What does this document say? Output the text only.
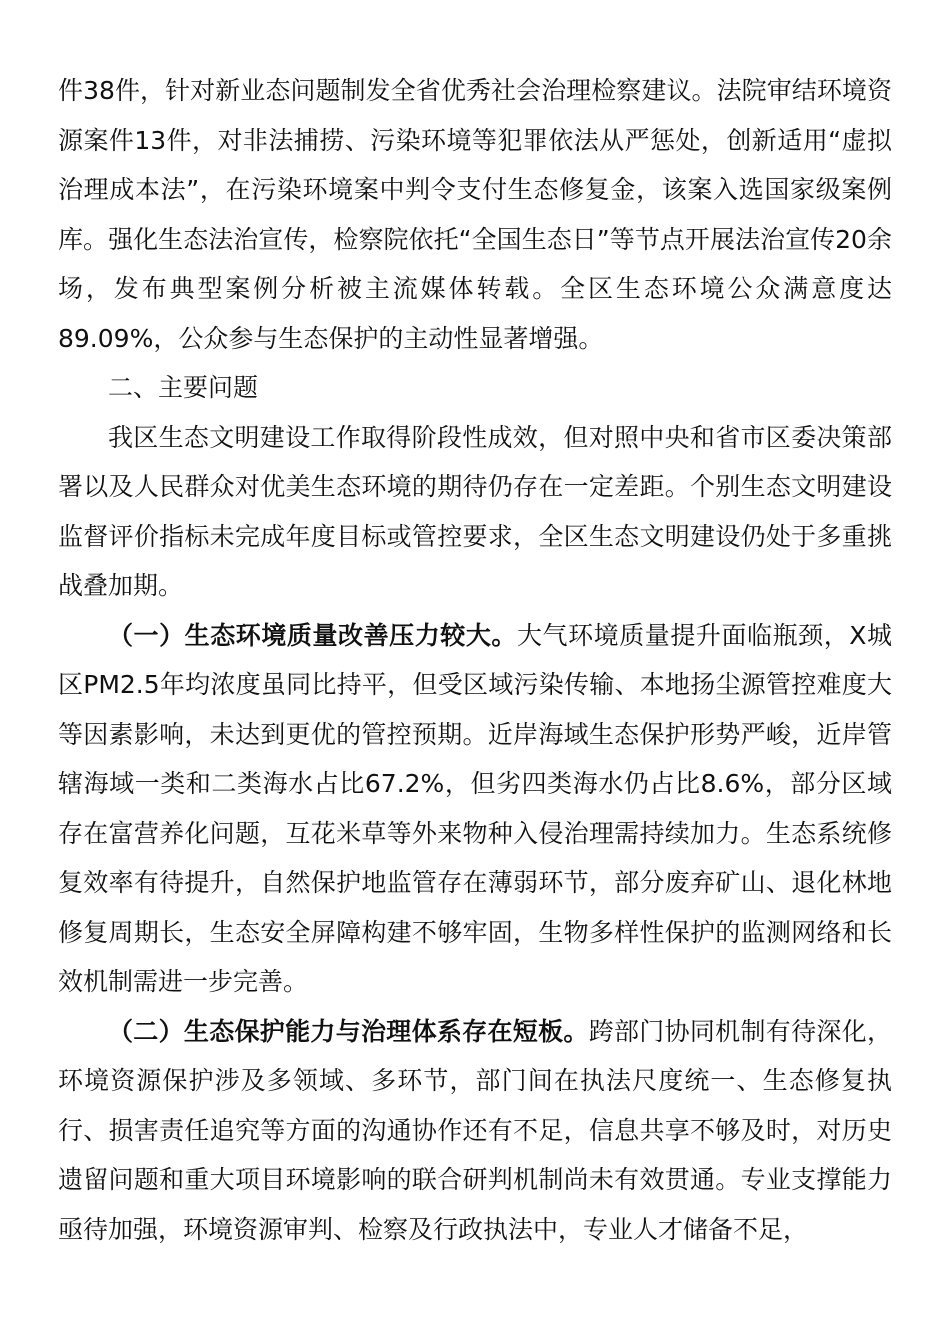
件38件，针对新业态问题制发全省优秀社会治理检察建议。法院审结环境资源案件13件，对非法捕捞、污染环境等犯罪依法从严惩处，创新适用“虚拟治理成本法”，在污染环境案中判令支付生态修复金，该案入选国家级案例库。强化生态法治宣传，检察院依托“全国生态日”等节点开展法治宣传20余场，发布典型案例分析被主流媒体转载。全区生态环境公众满意度达89.09%，公众参与生态保护的主动性显著增强。

二、主要问题

我区生态文明建设工作取得阶段性成效，但对照中央和省市区委决策部署以及人民群众对优美生态环境的期待仍存在一定差距。个别生态文明建设监督评价指标未完成年度目标或管控要求，全区生态文明建设仍处于多重挑战叠加期。

（一）生态环境质量改善压力较大。大气环境质量提升面临瓶颈，X城区PM2.5年均浓度虽同比持平，但受区域污染传输、本地扬尘源管控难度大等因素影响，未达到更优的管控预期。近岸海域生态保护形势严峻，近岸管辖海域一类和二类海水占比67.2%，但劣四类海水仍占比8.6%，部分区域存在富营养化问题，互花米草等外来物种入侵治理需持续加力。生态系统修复效率有待提升，自然保护地监管存在薄弱环节，部分废弃矿山、退化林地修复周期长，生态安全屏障构建不够牢固，生物多样性保护的监测网络和长效机制需进一步完善。

（二）生态保护能力与治理体系存在短板。跨部门协同机制有待深化，环境资源保护涉及多领域、多环节，部门间在执法尺度统一、生态修复执行、损害责任追究等方面的沟通协作还有不足，信息共享不够及时，对历史遗留问题和重大项目环境影响的联合研判机制尚未有效贯通。专业支撑能力亟待加强，环境资源审判、检察及行政执法中，专业人才储备不足，
